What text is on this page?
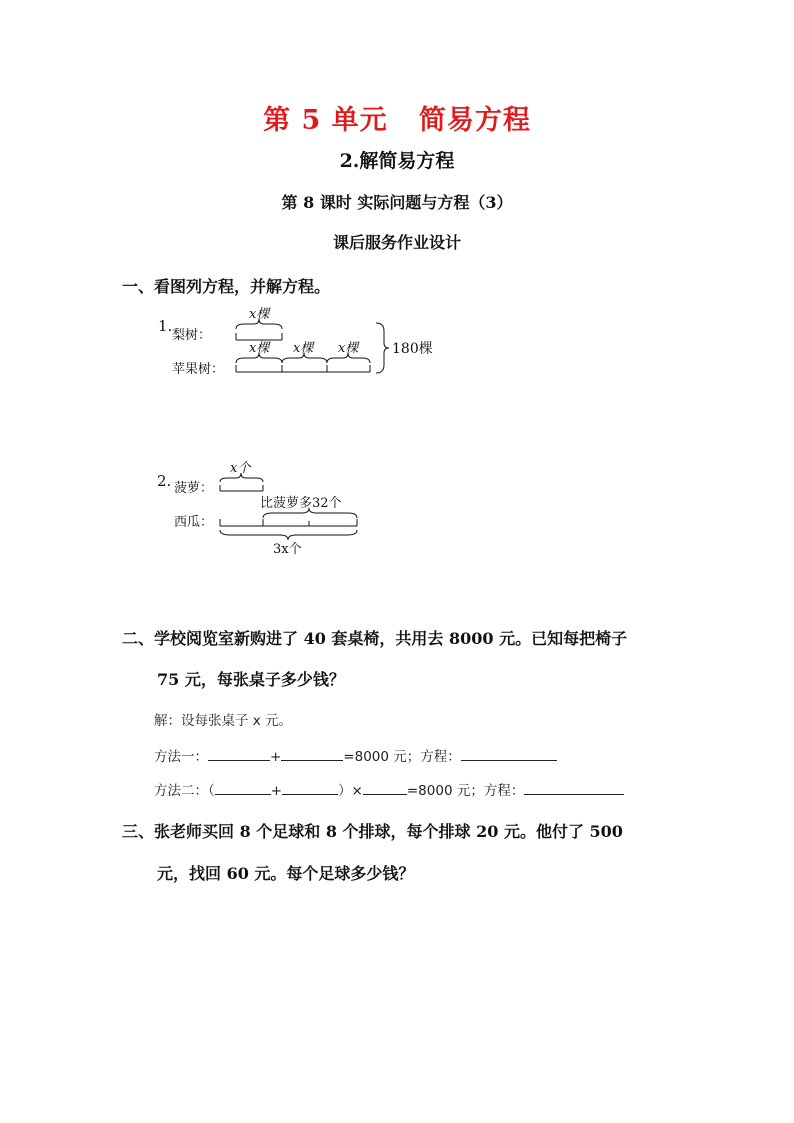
第 5 单元   简易方程
2.解简易方程
第 8 课时 实际问题与方程（3）
课后服务作业设计
一、看图列方程，并解方程。
1.
梨树：
x棵
苹果树：
x棵 x棵 x棵 180棵
2. 菠萝：
x个
西瓜：
比菠萝多32个
3x个
二、学校阅览室新购进了 40 套桌椅，共用去 8000 元。已知每把椅子
75 元，每张桌子多少钱？
解：设每张桌子 x 元。
方法一：	+	=8000 元；方程：
方法二：（	+	）×	=8000 元；方程：
三、张老师买回 8 个足球和 8 个排球，每个排球 20 元。他付了 500
元，找回 60 元。每个足球多少钱？
